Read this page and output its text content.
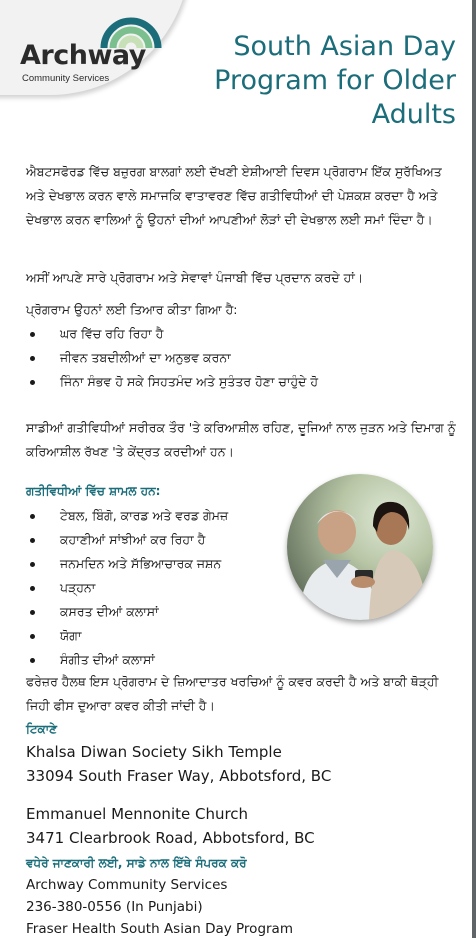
Archway
Community Services
South Asian Day Program for Older Adults
ਐਬਟਸਫੋਰਡ ਵਿੱਚ ਬਜ਼ੁਰਗ ਬਾਲਗਾਂ ਲਈ ਦੱਖਣੀ ਏਸ਼ੀਆਈ ਦਿਵਸ ਪ੍ਰੋਗਰਾਮ ਇੱਕ ਸੁਰੱਖਿਅਤ ਅਤੇ ਦੇਖਭਾਲ ਕਰਨ ਵਾਲੇ ਸਮਾਜਕਿ ਵਾਤਾਵਰਣ ਵਿੱਚ ਗਤੀਵਿਧੀਆਂ ਦੀ ਪੇਸ਼ਕਸ਼ ਕਰਦਾ ਹੈ ਅਤੇ ਦੇਖਭਾਲ ਕਰਨ ਵਾਲਿਆਂ ਨੂੰ ਉਹਨਾਂ ਦੀਆਂ ਆਪਣੀਆਂ ਲੋੜਾਂ ਦੀ ਦੇਖਭਾਲ ਲਈ ਸਮਾਂ ਦਿੰਦਾ ਹੈ।
ਅਸੀਂ ਆਪਣੇ ਸਾਰੇ ਪ੍ਰੋਗਰਾਮ ਅਤੇ ਸੇਵਾਵਾਂ ਪੰਜਾਬੀ ਵਿੱਚ ਪ੍ਰਦਾਨ ਕਰਦੇ ਹਾਂ।
ਪ੍ਰੋਗਰਾਮ ਉਹਨਾਂ ਲਈ ਤਿਆਰ ਕੀਤਾ ਗਿਆ ਹੈ:
ਘਰ ਵਿੱਚ ਰਹਿ ਰਿਹਾ ਹੈ
ਜੀਵਨ ਤਬਦੀਲੀਆਂ ਦਾ ਅਨੁਭਵ ਕਰਨਾ
ਜਿੰਨਾ ਸੰਭਵ ਹੋ ਸਕੇ ਸਿਹਤਮੰਦ ਅਤੇ ਸੁਤੰਤਰ ਹੋਣਾ ਚਾਹੁੰਦੇ ਹੋ
ਸਾਡੀਆਂ ਗਤੀਵਿਧੀਆਂ ਸਰੀਰਕ ਤੌਰ 'ਤੇ ਕਰਿਆਸ਼ੀਲ ਰਹਿਣ, ਦੂਜਿਆਂ ਨਾਲ ਜੁੜਨ ਅਤੇ ਦਿਮਾਗ ਨੂੰ ਕਰਿਆਸ਼ੀਲ ਰੱਖਣ 'ਤੇ ਕੇਂਦ੍ਰਤ ਕਰਦੀਆਂ ਹਨ।
ਗਤੀਵਿਧੀਆਂ ਵਿੱਚ ਸ਼ਾਮਲ ਹਨ:
ਟੇਬਲ, ਬਿੰਗੋ, ਕਾਰਡ ਅਤੇ ਵਰਡ ਗੇਮਜ਼
ਕਹਾਣੀਆਂ ਸਾਂਝੀਆਂ ਕਰ ਰਿਹਾ ਹੈ
ਜਨਮਦਿਨ ਅਤੇ ਸੱਭਿਆਚਾਰਕ ਜਸ਼ਨ
ਪੜ੍ਹਨਾ
ਕਸਰਤ ਦੀਆਂ ਕਲਾਸਾਂ
ਯੋਗਾ
ਸੰਗੀਤ ਦੀਆਂ ਕਲਾਸਾਂ
ਫਰੇਜ਼ਰ ਹੈਲਥ ਇਸ ਪ੍ਰੋਗਰਾਮ ਦੇ ਜ਼ਿਆਦਾਤਰ ਖਰਚਿਆਂ ਨੂੰ ਕਵਰ ਕਰਦੀ ਹੈ ਅਤੇ ਬਾਕੀ ਥੋੜ੍ਹੀ ਜਿਹੀ ਫੀਸ ਦੁਆਰਾ ਕਵਰ ਕੀਤੀ ਜਾਂਦੀ ਹੈ।
ਟਿਕਾਣੇ
Khalsa Diwan Society Sikh Temple
33094 South Fraser Way, Abbotsford, BC
Emmanuel Mennonite Church
3471 Clearbrook Road, Abbotsford, BC
ਵਧੇਰੇ ਜਾਣਕਾਰੀ ਲਈ, ਸਾਡੇ ਨਾਲ ਇੱਥੇ ਸੰਪਰਕ ਕਰੋ
Archway Community Services
236-380-0556 (In Punjabi)
Fraser Health South Asian Day Program
